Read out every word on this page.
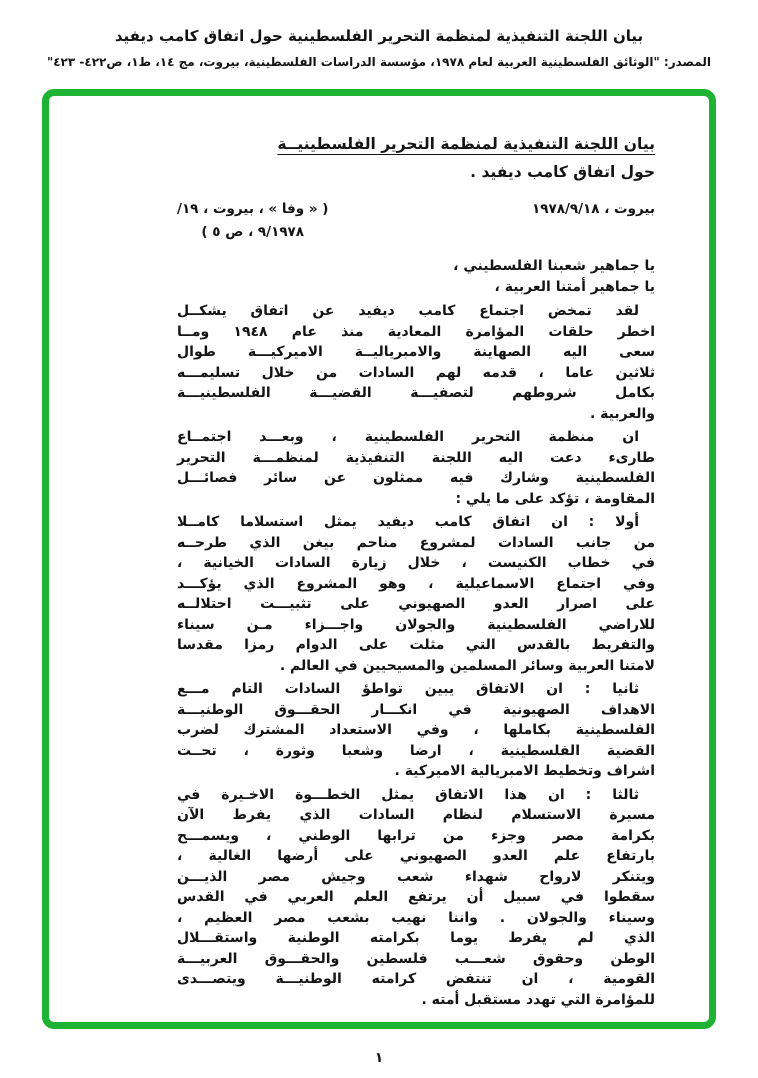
بيان اللجنة التنفيذية لمنظمة التحرير الفلسطينية حول اتفاق كامب ديفيد
المصدر: "الوثائق الفلسطينية العربية لعام ١٩٧٨، مؤسسة الدراسات الفلسطينية، بيروت، مج ١٤، ط١، ص٤٢٢- ٤٢٣"
بيان اللجنة التنفيذية لمنظمة التحرير الفلسطينيــة
حول اتفاق كامب ديفيد .
بيروت ، ١٩٧٨/٩/١٨
( « وفا » ، بيروت ، ١٩/
٩/١٩٧٨ ، ص ٥ )
يا جماهير شعبنا الفلسطيني ،
يا جماهير أمتنا العربية ،
لقد تمخض اجتماع كامب ديفيد عن اتفاق يشكــل
اخطر حلقات المؤامرة المعادية منذ عام ١٩٤٨ ومــا
سعى اليه الصهاينة والامبرياليــة الاميركيـــة طوال
ثلاثين عاما ، قدمه لهم السادات من خلال تسليمـــه
بكامل شروطهم لتصفيـــة القضيـــة الفلسطينيـــة
والعربية .
ان منظمة التحرير الفلسطينية ، وبعـــد اجتمــاع
طارىء دعت اليه اللجنة التنفيذية لمنظمـــة التحرير
الفلسطينية وشارك فيه ممثلون عن سائر فصائـــل
المقاومة ، تؤكد على ما يلي :
أولا : ان اتفاق كامب ديفيد يمثل استسلاما كامــلا
من جانب السادات لمشروع مناحم بيغن الذي طرحــه
في خطاب الكنيست ، خلال زيارة السادات الخيانية ،
وفي اجتماع الاسماعيلية ، وهو المشروع الذي يؤكـــد
على اصرار العدو الصهيوني على تثبيـــت احتلالــه
للاراضي الفلسطينية والجولان واجـــزاء مـن سيناء
والتفريط بالقدس التي مثلت على الدوام رمزا مقدسا
لامتنا العربية وسائر المسلمين والمسيحيين في العالم .
ثانيا : ان الاتفاق يبين تواطؤ السادات التام مـــع
الاهداف الصهيونية في انكـــار الحقـــوق الوطنيـــة
الفلسطينية بكاملها ، وفي الاستعداد المشترك لضرب
القضية الفلسطينية ، ارضا وشعبا وثورة ، تحــت
اشراف وتخطيط الامبريالية الاميركية .
ثالثا : ان هذا الاتفاق يمثل الخطـــوة الاخـيرة في
مسيرة الاستسلام لنظام السادات الذي يفرط الآن
بكرامة مصر وجزء من ترابها الوطني ، ويسمـــح
بارتفاع علم العدو الصهيوني على أرضها الغالية ،
ويتنكر لارواح شهداء شعب وجيش مصر الذيـــن
سقطوا في سبيل أن يرتفع العلم العربي في القدس
وسيناء والجولان . واننا نهيب بشعب مصر العظيم ،
الذي لم يفرط يوما بكرامته الوطنية واستقـــلال
الوطن وحقوق شعـــب فلسطين والحقـــوق العربيـــة
القومية ، ان تنتفض كرامته الوطنيـــة ويتصـــدى
للمؤامرة التي تهدد مستقبل أمته .
١
